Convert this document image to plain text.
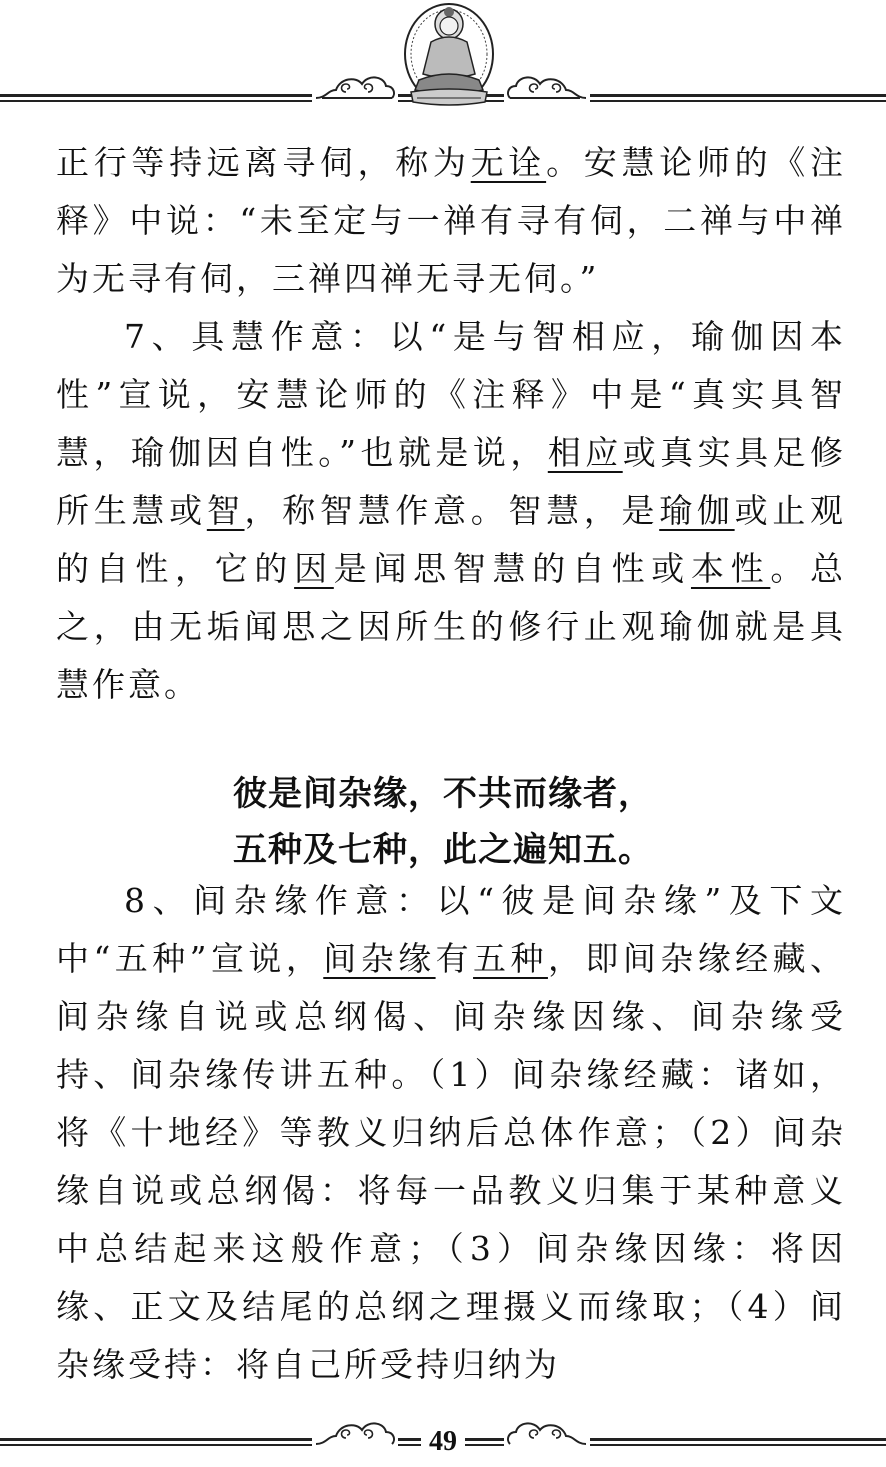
正行等持远离寻伺，称为无诠。安慧论师的《注释》中说：“未至定与一禅有寻有伺，二禅与中禅为无寻有伺，三禅四禅无寻无伺。”

7、具慧作意：以“是与智相应，瑜伽因本性”宣说，安慧论师的《注释》中是“真实具智慧，瑜伽因自性。”也就是说，相应或真实具足修所生慧或智，称智慧作意。智慧，是瑜伽或止观的自性，它的因是闻思智慧的自性或本性。总之，由无垢闻思之因所生的修行止观瑜伽就是具慧作意。

彼是间杂缘，不共而缘者，
五种及七种，此之遍知五。

8、间杂缘作意：以“彼是间杂缘”及下文中“五种”宣说，间杂缘有五种，即间杂缘经藏、间杂缘自说或总纲偈、间杂缘因缘、间杂缘受持、间杂缘传讲五种。（1）间杂缘经藏：诸如，将《十地经》等教义归纳后总体作意；（2）间杂缘自说或总纲偈：将每一品教义归集于某种意义中总结起来这般作意；（3）间杂缘因缘：将因缘、正文及结尾的总纲之理摄义而缘取；（4）间杂缘受持：将自己所受持归纳为

49
